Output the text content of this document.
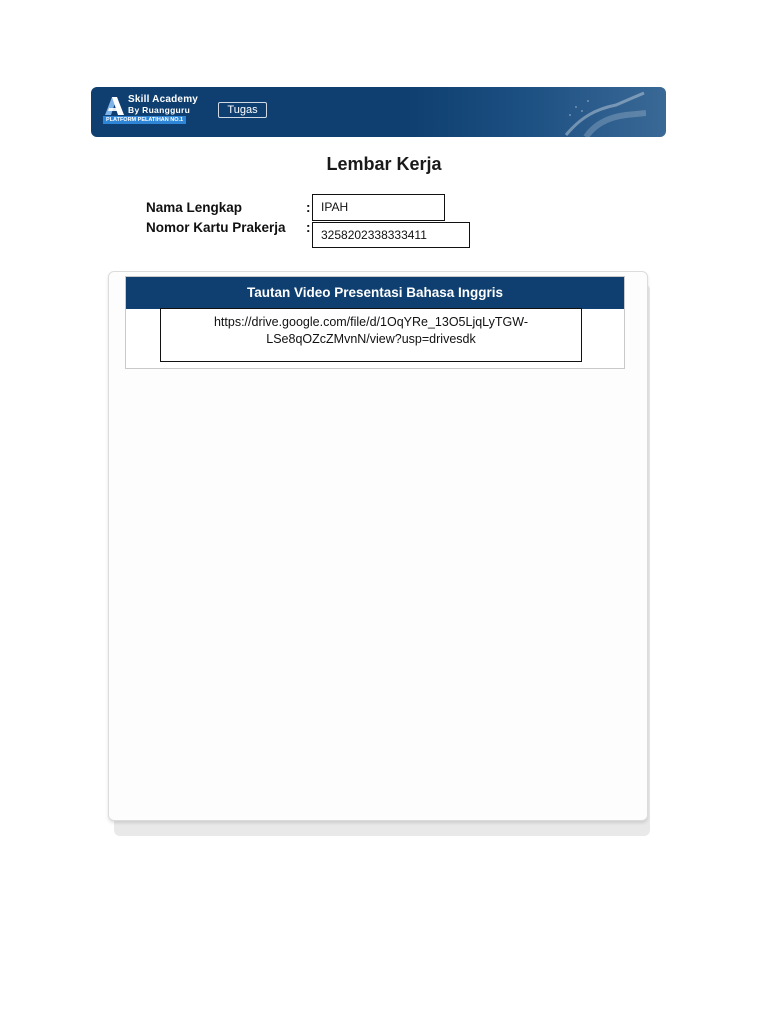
Skill Academy
By Ruangguru
PLATFORM PELATIHAN NO.1
Tugas
Lembar Kerja
Nama Lengkap	: IPAH
Nomor Kartu Prakerja : 3258202338333411
Tautan Video Presentasi Bahasa Inggris
https://drive.google.com/file/d/1OqYRe_13O5LjqLyTGW-
LSe8qOZcZMvnN/view?usp=drivesdk
